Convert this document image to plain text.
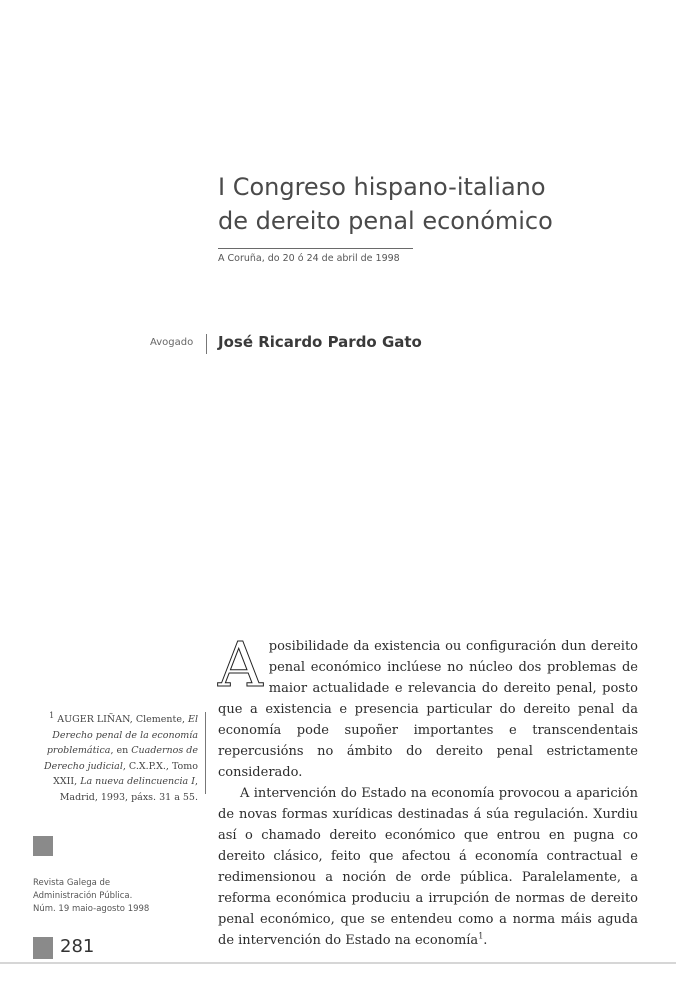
I Congreso hispano-italiano
de dereito penal económico
A Coruña, do 20 ó 24 de abril de 1998
Avogado José Ricardo Pardo Gato
$^1$ AUGER LIÑAN, Clemente, El Derecho penal de la economía problemática, en Cuadernos de Derecho judicial, C.X.P.X., Tomo XXII, La nueva delincuencia I, Madrid, 1993, páxs. 31 a 55.

Aposibilidade da existencia ou configuración dun dereito penal económico inclúese no núcleo dos problemas de maior actualidade e relevancia do dereito penal, posto que a existencia e presencia particular do dereito penal da economía pode supoñer importantes e transcendentais repercusións no ámbito do dereito penal estrictamente considerado.

A intervención do Estado na economía provocou a aparición de novas formas xurídicas destinadas á súa regulación. Xurdiu así o chamado dereito económico que entrou en pugna co dereito clásico, feito que afectou á economía contractual e redimensionou a noción de orde pública. Paralelamente, a reforma económica produciu a irrupción de normas de dereito penal económico, que se entendeu como a norma máis aguda de intervención do Estado na economía$^1$.

Revista Galega de
Administración Pública.
Núm. 19 maio-agosto 1998
281
